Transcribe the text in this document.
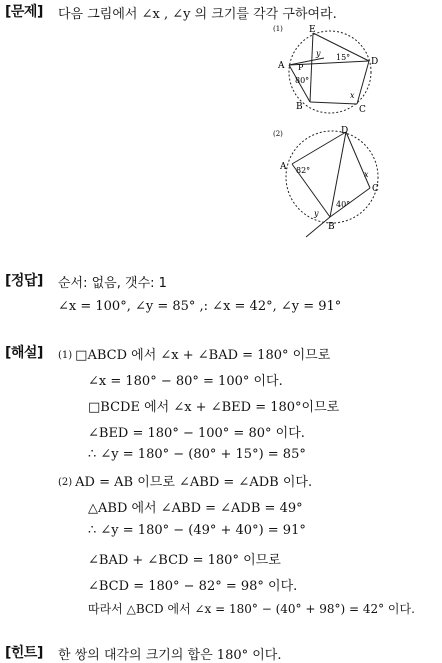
[문제] 다음 그림에서 ∠x , ∠y 의 크기를 각각 구하여라.
(1)	E
A	D
B	C
P
y
x
80°
15°
(2)	D
A
C
B
x
y
82°
40°
[정답] 순서: 없음, 갯수: 1
∠x = 100°, ∠y = 85° ,: ∠x = 42°, ∠y = 91°
[해설] (1) □ABCD 에서 ∠x + ∠BAD = 180° 이므로
∠x = 180° − 80° = 100° 이다.
□BCDE 에서 ∠x + ∠BED = 180°이므로
∠BED = 180° − 100° = 80° 이다.
∴ ∠y = 180° − (80° + 15°) = 85°
(2) AD = AB 이므로 ∠ABD = ∠ADB 이다.
△ABD 에서 ∠ABD = ∠ADB = 49°
∴ ∠y = 180° − (49° + 40°) = 91°
∠BAD + ∠BCD = 180° 이므로
∠BCD = 180° − 82° = 98° 이다.
따라서 △BCD 에서 ∠x = 180° − (40° + 98°) = 42° 이다.
[힌트] 한 쌍의 대각의 크기의 합은 180° 이다.
